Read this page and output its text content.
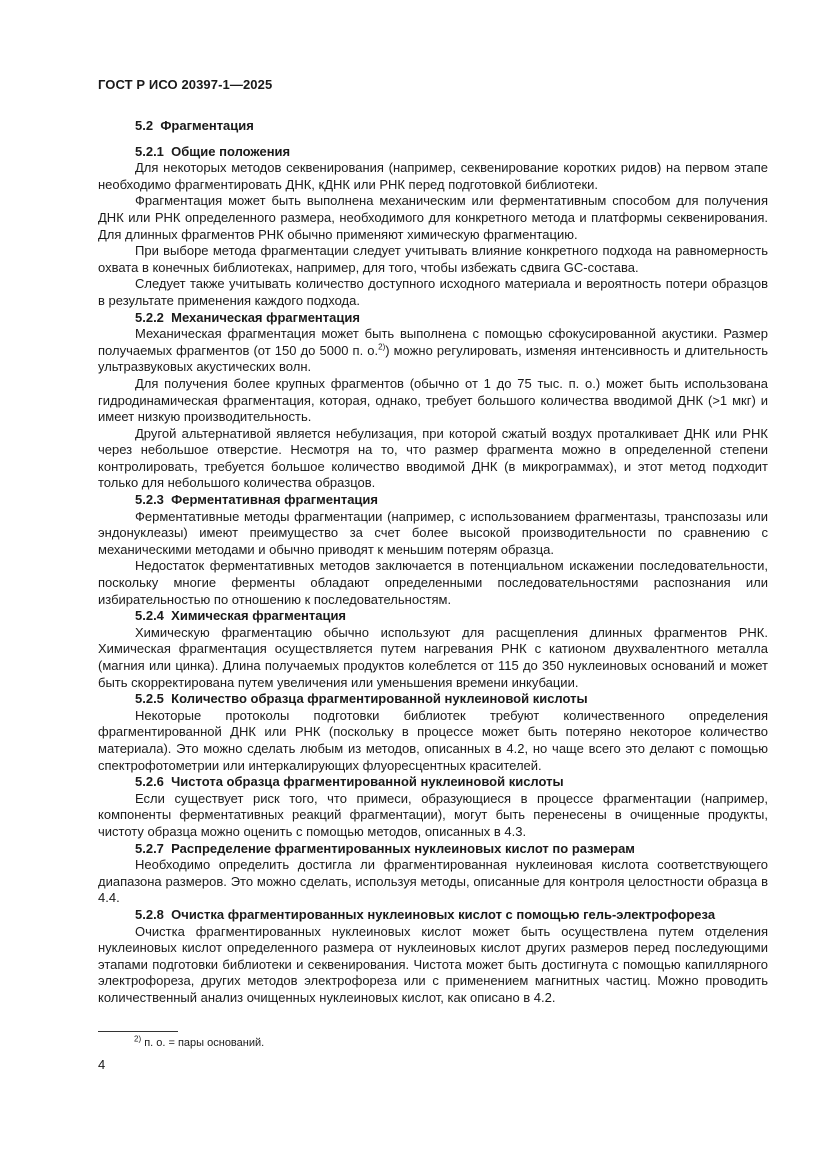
ГОСТ Р ИСО 20397-1—2025
5.2 Фрагментация
5.2.1 Общие положения

Для некоторых методов секвенирования (например, секвенирование коротких ридов) на первом этапе необходимо фрагментировать ДНК, кДНК или РНК перед подготовкой библиотеки.

Фрагментация может быть выполнена механическим или ферментативным способом для получения ДНК или РНК определенного размера, необходимого для конкретного метода и платформы секвенирования. Для длинных фрагментов РНК обычно применяют химическую фрагментацию.

При выборе метода фрагментации следует учитывать влияние конкретного подхода на равномерность охвата в конечных библиотеках, например, для того, чтобы избежать сдвига GC-состава.

Следует также учитывать количество доступного исходного материала и вероятность потери образцов в результате применения каждого подхода.

5.2.2 Механическая фрагментация

Механическая фрагментация может быть выполнена с помощью сфокусированной акустики. Размер получаемых фрагментов (от 150 до 5000 п. о.$^{2)}$) можно регулировать, изменяя интенсивность и длительность ультразвуковых акустических волн.

Для получения более крупных фрагментов (обычно от 1 до 75 тыс. п. о.) может быть использована гидродинамическая фрагментация, которая, однако, требует большого количества вводимой ДНК (>1 мкг) и имеет низкую производительность.

Другой альтернативой является небулизация, при которой сжатый воздух проталкивает ДНК или РНК через небольшое отверстие. Несмотря на то, что размер фрагмента можно в определенной степени контролировать, требуется большое количество вводимой ДНК (в микрограммах), и этот метод подходит только для небольшого количества образцов.

5.2.3 Ферментативная фрагментация

Ферментативные методы фрагментации (например, с использованием фрагментазы, транспозазы или эндонуклеазы) имеют преимущество за счет более высокой производительности по сравнению с механическими методами и обычно приводят к меньшим потерям образца.

Недостаток ферментативных методов заключается в потенциальном искажении последовательности, поскольку многие ферменты обладают определенными последовательностями распознания или избирательностью по отношению к последовательностям.

5.2.4 Химическая фрагментация

Химическую фрагментацию обычно используют для расщепления длинных фрагментов РНК. Химическая фрагментация осуществляется путем нагревания РНК с катионом двухвалентного металла (магния или цинка). Длина получаемых продуктов колеблется от 115 до 350 нуклеиновых оснований и может быть скорректирована путем увеличения или уменьшения времени инкубации.

5.2.5 Количество образца фрагментированной нуклеиновой кислоты

Некоторые протоколы подготовки библиотек требуют количественного определения фрагментированной ДНК или РНК (поскольку в процессе может быть потеряно некоторое количество материала). Это можно сделать любым из методов, описанных в 4.2, но чаще всего это делают с помощью спектрофотометрии или интеркалирующих флуоресцентных красителей.

5.2.6 Чистота образца фрагментированной нуклеиновой кислоты

Если существует риск того, что примеси, образующиеся в процессе фрагментации (например, компоненты ферментативных реакций фрагментации), могут быть перенесены в очищенные продукты, чистоту образца можно оценить с помощью методов, описанных в 4.3.

5.2.7 Распределение фрагментированных нуклеиновых кислот по размерам

Необходимо определить достигла ли фрагментированная нуклеиновая кислота соответствующего диапазона размеров. Это можно сделать, используя методы, описанные для контроля целостности образца в 4.4.

5.2.8 Очистка фрагментированных нуклеиновых кислот с помощью гель-электрофореза

Очистка фрагментированных нуклеиновых кислот может быть осуществлена путем отделения нуклеиновых кислот определенного размера от нуклеиновых кислот других размеров перед последующими этапами подготовки библиотеки и секвенирования. Чистота может быть достигнута с помощью капиллярного электрофореза, других методов электрофореза или с применением магнитных частиц. Можно проводить количественный анализ очищенных нуклеиновых кислот, как описано в 4.2.

$^{2)}$ п. о. = пары оснований.
4
